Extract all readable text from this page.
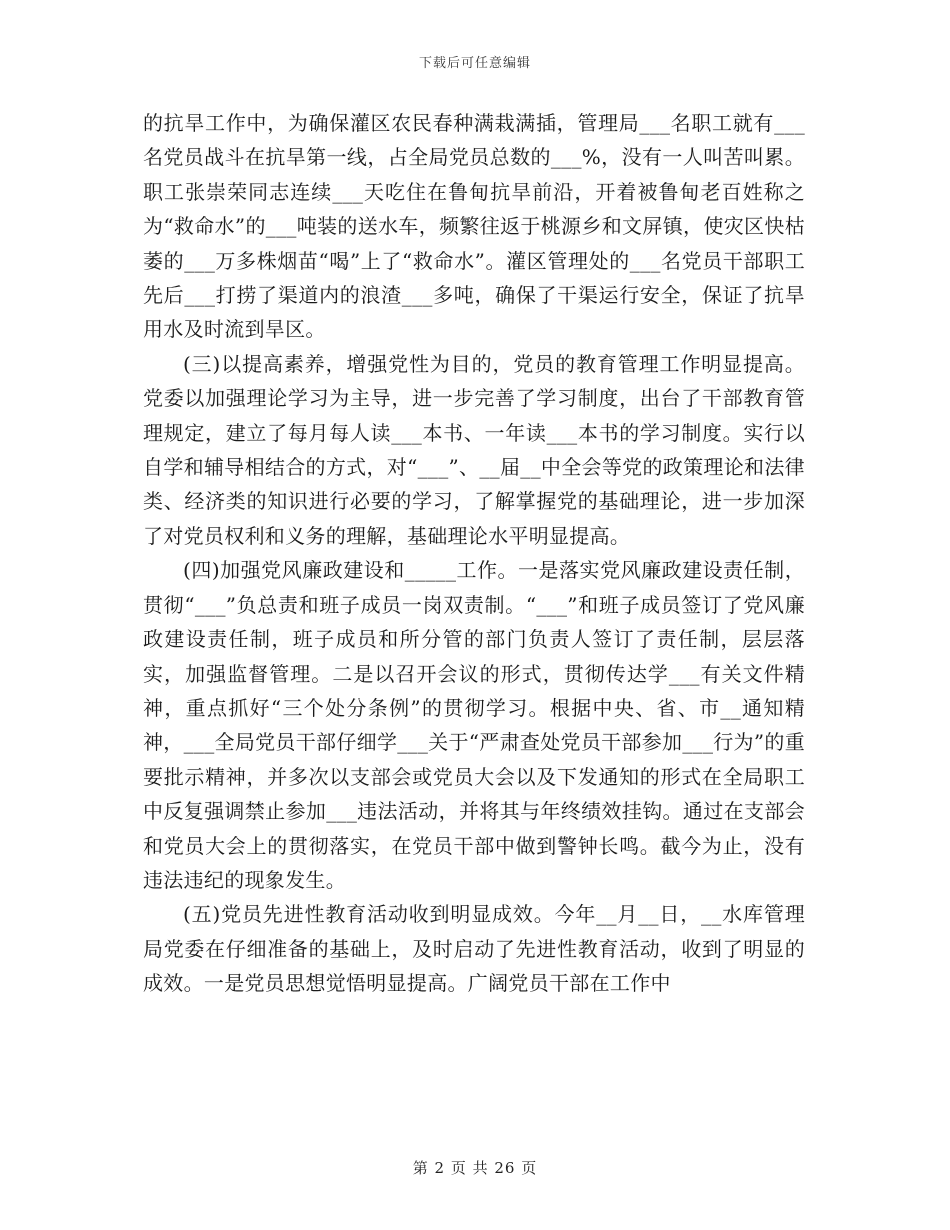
下载后可任意编辑

的抗旱工作中，为确保灌区农民春种满栽满插，管理局___名职工就有___名党员战斗在抗旱第一线，占全局党员总数的___%，没有一人叫苦叫累。职工张崇荣同志连续___天吃住在鲁甸抗旱前沿，开着被鲁甸老百姓称之为“救命水”的___吨装的送水车，频繁往返于桃源乡和文屏镇，使灾区快枯萎的___万多株烟苗“喝”上了“救命水”。灌区管理处的___名党员干部职工先后___打捞了渠道内的浪渣___多吨，确保了干渠运行安全，保证了抗旱用水及时流到旱区。

(三)以提高素养，增强党性为目的，党员的教育管理工作明显提高。党委以加强理论学习为主导，进一步完善了学习制度，出台了干部教育管理规定，建立了每月每人读___本书、一年读___本书的学习制度。实行以自学和辅导相结合的方式，对“___”、__届__中全会等党的政策理论和法律类、经济类的知识进行必要的学习，了解掌握党的基础理论，进一步加深了对党员权利和义务的理解，基础理论水平明显提高。

(四)加强党风廉政建设和_____工作。一是落实党风廉政建设责任制，贯彻“___”负总责和班子成员一岗双责制。“___”和班子成员签订了党风廉政建设责任制，班子成员和所分管的部门负责人签订了责任制，层层落实，加强监督管理。二是以召开会议的形式，贯彻传达学___有关文件精神，重点抓好“三个处分条例”的贯彻学习。根据中央、省、市__通知精神，___全局党员干部仔细学___关于“严肃查处党员干部参加___行为”的重要批示精神，并多次以支部会或党员大会以及下发通知的形式在全局职工中反复强调禁止参加___违法活动，并将其与年终绩效挂钩。通过在支部会和党员大会上的贯彻落实，在党员干部中做到警钟长鸣。截今为止，没有违法违纪的现象发生。

(五)党员先进性教育活动收到明显成效。今年__月__日，__水库管理局党委在仔细准备的基础上，及时启动了先进性教育活动，收到了明显的成效。一是党员思想觉悟明显提高。广阔党员干部在工作中

第 2 页 共 26 页
